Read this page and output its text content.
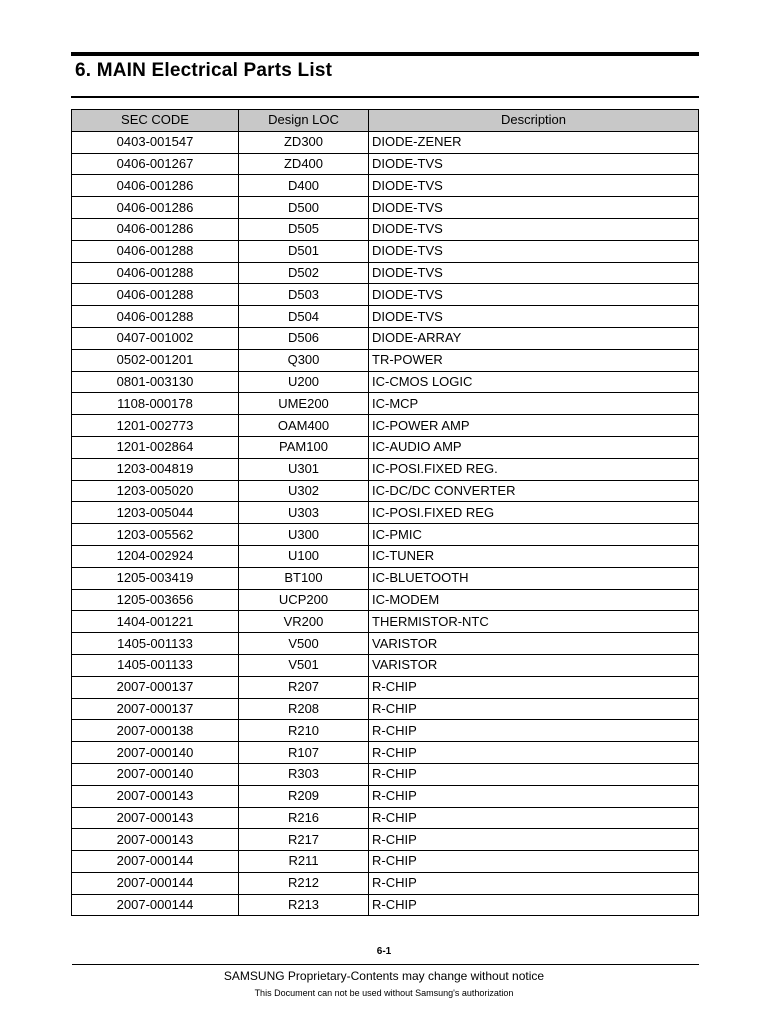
6. MAIN Electrical Parts List
SEC CODE	Design LOC	Description
0403-001547	ZD300	DIODE-ZENER
0406-001267	ZD400	DIODE-TVS
0406-001286	D400	DIODE-TVS
0406-001286	D500	DIODE-TVS
0406-001286	D505	DIODE-TVS
0406-001288	D501	DIODE-TVS
0406-001288	D502	DIODE-TVS
0406-001288	D503	DIODE-TVS
0406-001288	D504	DIODE-TVS
0407-001002	D506	DIODE-ARRAY
0502-001201	Q300	TR-POWER
0801-003130	U200	IC-CMOS LOGIC
1108-000178	UME200	IC-MCP
1201-002773	OAM400	IC-POWER AMP
1201-002864	PAM100	IC-AUDIO AMP
1203-004819	U301	IC-POSI.FIXED REG.
1203-005020	U302	IC-DC/DC CONVERTER
1203-005044	U303	IC-POSI.FIXED REG
1203-005562	U300	IC-PMIC
1204-002924	U100	IC-TUNER
1205-003419	BT100	IC-BLUETOOTH
1205-003656	UCP200	IC-MODEM
1404-001221	VR200	THERMISTOR-NTC
1405-001133	V500	VARISTOR
1405-001133	V501	VARISTOR
2007-000137	R207	R-CHIP
2007-000137	R208	R-CHIP
2007-000138	R210	R-CHIP
2007-000140	R107	R-CHIP
2007-000140	R303	R-CHIP
2007-000143	R209	R-CHIP
2007-000143	R216	R-CHIP
2007-000143	R217	R-CHIP
2007-000144	R211	R-CHIP
2007-000144	R212	R-CHIP
2007-000144	R213	R-CHIP
6-1
SAMSUNG Proprietary-Contents may change without notice
This Document can not be used without Samsung's authorization
